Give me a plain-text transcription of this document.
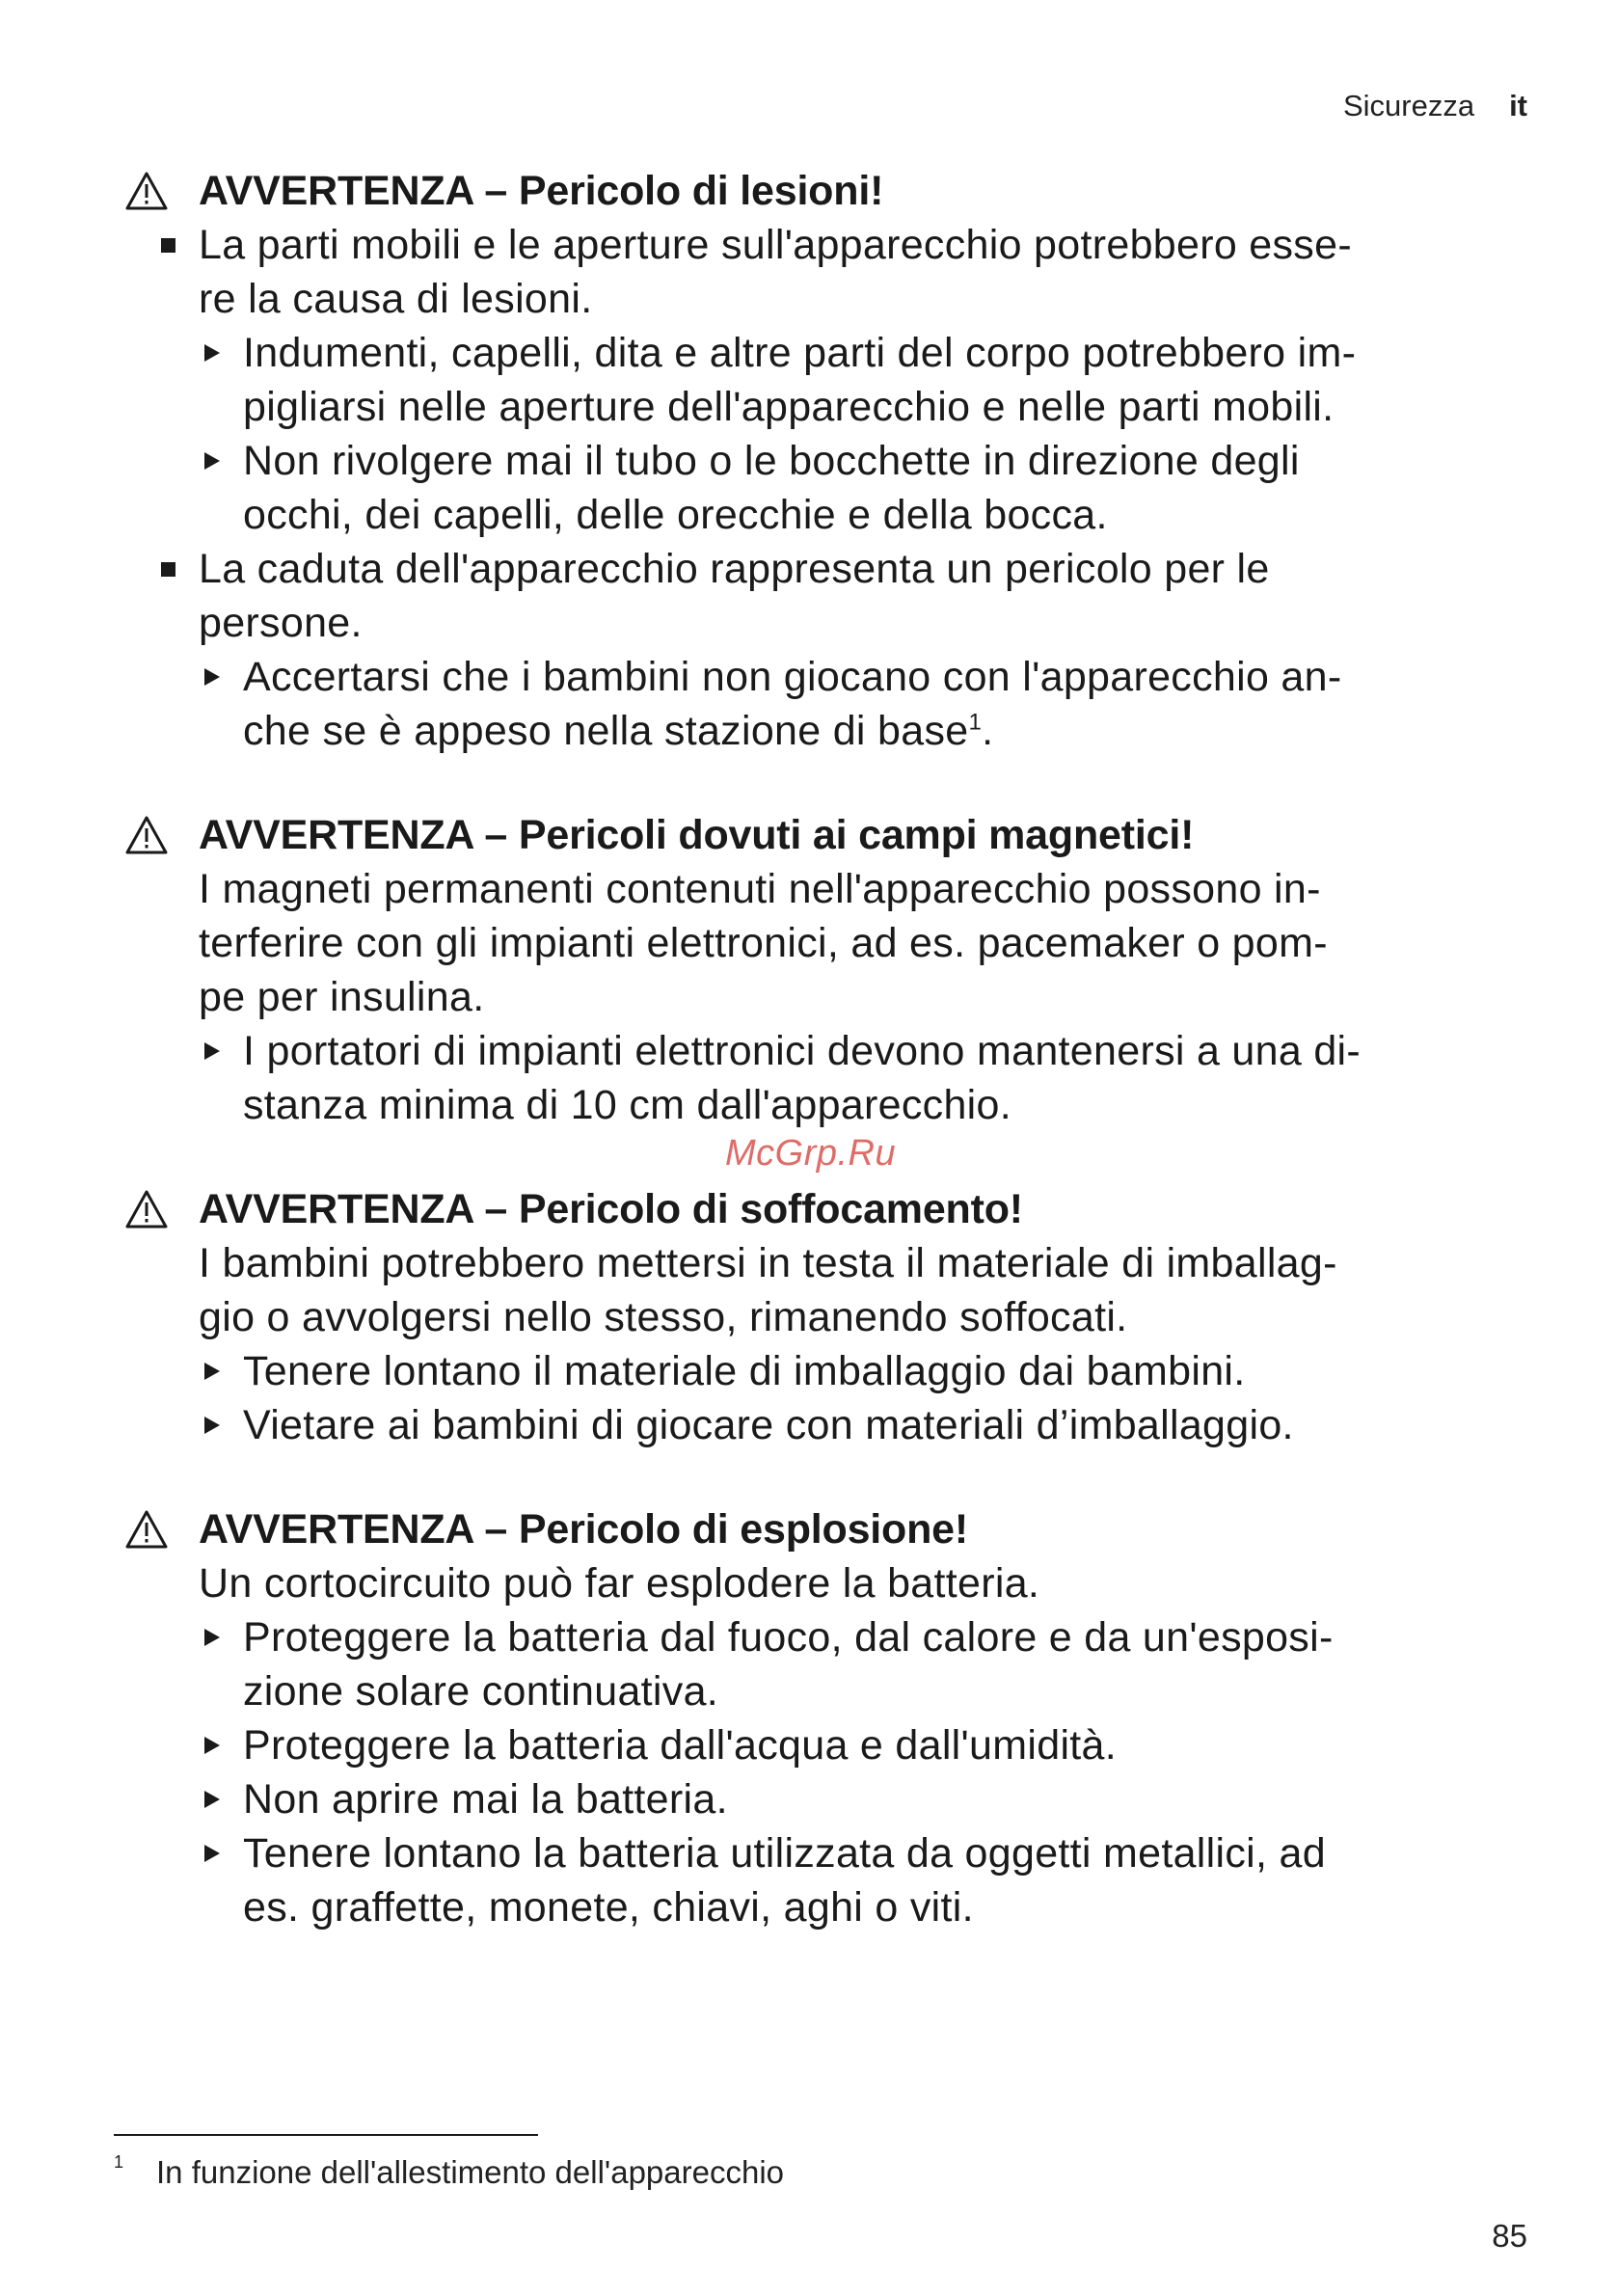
Sicurezza it
AVVERTENZA – Pericolo di lesioni!
La parti mobili e le aperture sull'apparecchio potrebbero esse-
re la causa di lesioni.
Indumenti, capelli, dita e altre parti del corpo potrebbero im-
pigliarsi nelle aperture dell'apparecchio e nelle parti mobili.
Non rivolgere mai il tubo o le bocchette in direzione degli
occhi, dei capelli, delle orecchie e della bocca.
La caduta dell'apparecchio rappresenta un pericolo per le
persone.
Accertarsi che i bambini non giocano con l'apparecchio an-
che se è appeso nella stazione di base$^1$.
AVVERTENZA – Pericoli dovuti ai campi magnetici!
I magneti permanenti contenuti nell'apparecchio possono in-
terferire con gli impianti elettronici, ad es. pacemaker o pom-
pe per insulina.
I portatori di impianti elettronici devono mantenersi a una di-
stanza minima di 10 cm dall'apparecchio.
AVVERTENZA – Pericolo di soffocamento!
I bambini potrebbero mettersi in testa il materiale di imballag-
gio o avvolgersi nello stesso, rimanendo soffocati.
Tenere lontano il materiale di imballaggio dai bambini.
Vietare ai bambini di giocare con materiali d’imballaggio.
AVVERTENZA – Pericolo di esplosione!
Un cortocircuito può far esplodere la batteria.
Proteggere la batteria dal fuoco, dal calore e da un'esposi-
zione solare continuativa.
Proteggere la batteria dall'acqua e dall'umidità.
Non aprire mai la batteria.
Tenere lontano la batteria utilizzata da oggetti metallici, ad
es. graffette, monete, chiavi, aghi o viti.
McGrp.Ru
1 In funzione dell'allestimento dell'apparecchio
85
